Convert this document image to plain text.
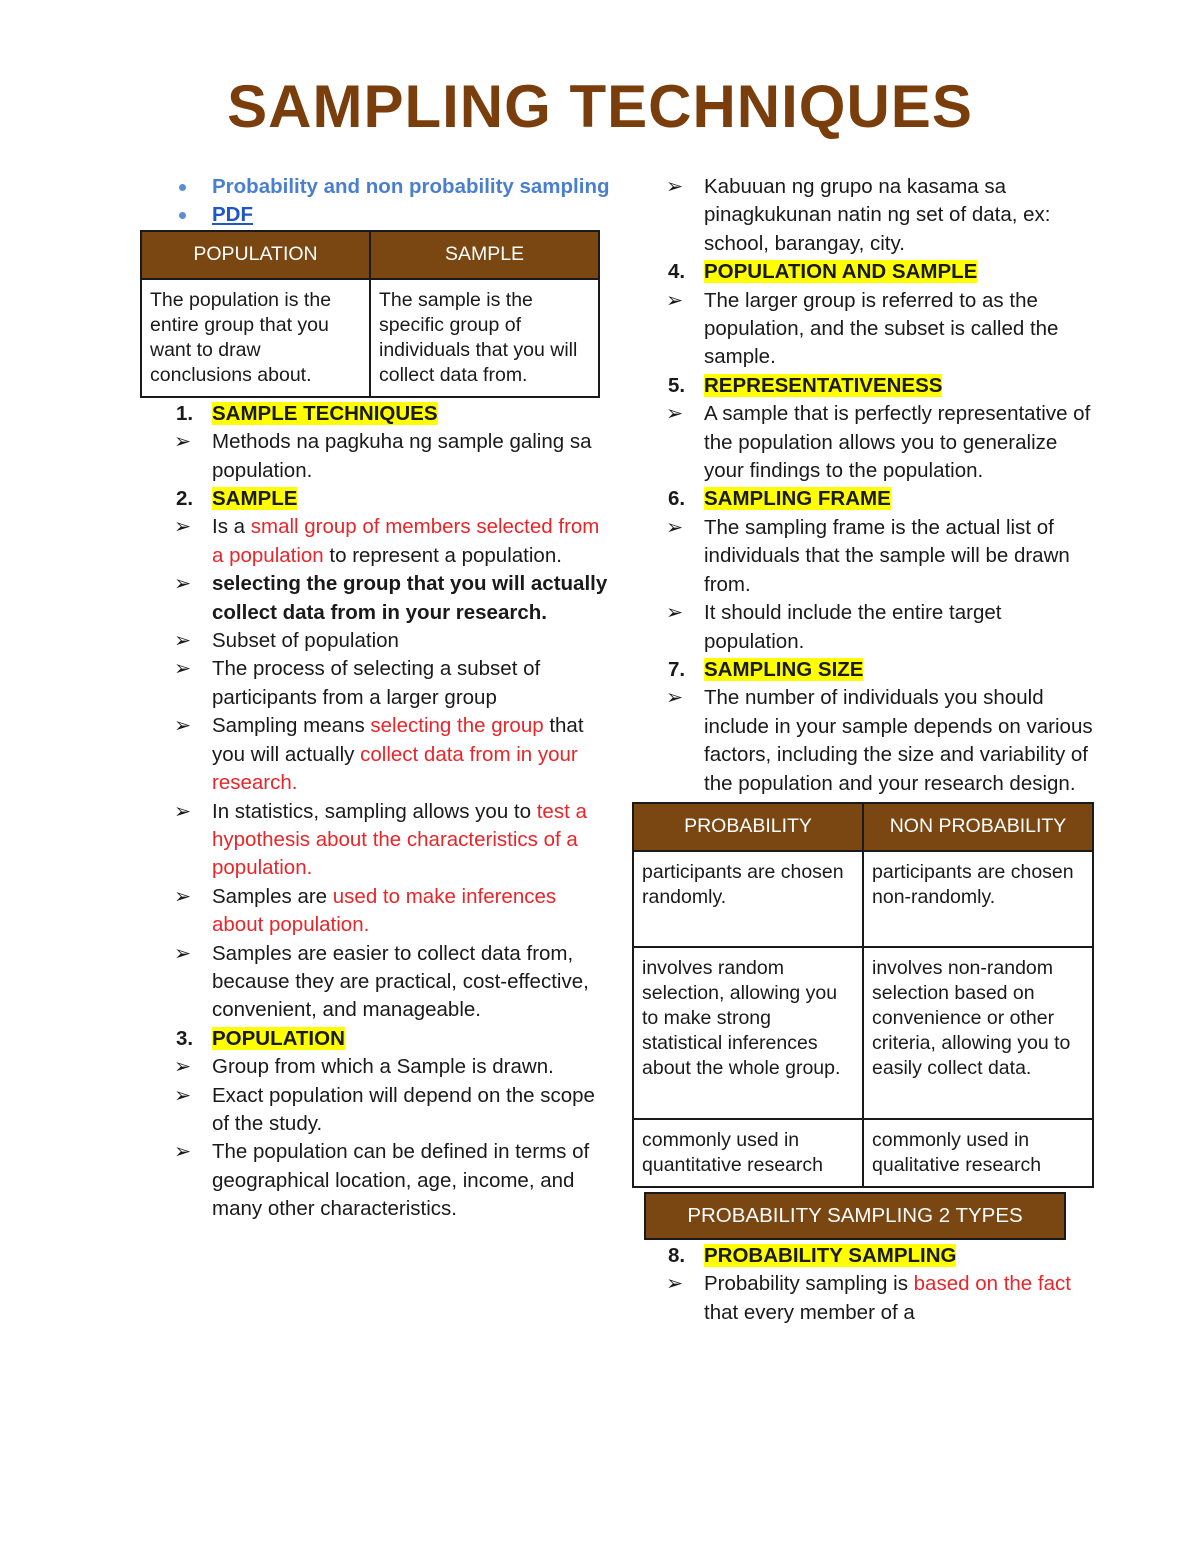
SAMPLING TECHNIQUES
Probability and non probability sampling
PDF
POPULATION	SAMPLE
The population is the entire group that you want to draw conclusions about.	The sample is the specific group of individuals that you will collect data from.
1. SAMPLE TECHNIQUES
➢	Methods na pagkuha ng sample galing sa population.
2. SAMPLE
➢	Is a small group of members selected from a population to represent a population.
➢	selecting the group that you will actually collect data from in your research.
➢	Subset of population
➢	The process of selecting a subset of participants from a larger group
➢	Sampling means selecting the group that you will actually collect data from in your research.
➢	In statistics, sampling allows you to test a hypothesis about the characteristics of a population.
➢	Samples are used to make inferences about population.
➢	Samples are easier to collect data from, because they are practical, cost-effective, convenient, and manageable.
3. POPULATION
➢	Group from which a Sample is drawn.
➢	Exact population will depend on the scope of the study.
➢	The population can be defined in terms of geographical location, age, income, and many other characteristics.
➢	Kabuuan ng grupo na kasama sa pinagkukunan natin ng set of data, ex: school, barangay, city.
4. POPULATION AND SAMPLE
➢	The larger group is referred to as the population, and the subset is called the sample.
5. REPRESENTATIVENESS
➢	A sample that is perfectly representative of the population allows you to generalize your findings to the population.
6. SAMPLING FRAME
➢	The sampling frame is the actual list of individuals that the sample will be drawn from.
➢	It should include the entire target population.
7. SAMPLING SIZE
➢	The number of individuals you should include in your sample depends on various factors, including the size and variability of the population and your research design.
PROBABILITY	NON PROBABILITY
participants are chosen randomly.	participants are chosen non-randomly.
involves random selection, allowing you to make strong statistical inferences about the whole group.	involves non-random selection based on convenience or other criteria, allowing you to easily collect data.
commonly used in quantitative research	commonly used in qualitative research
PROBABILITY SAMPLING 2 TYPES
8. PROBABILITY SAMPLING
➢	Probability sampling is based on the fact that every member of a
